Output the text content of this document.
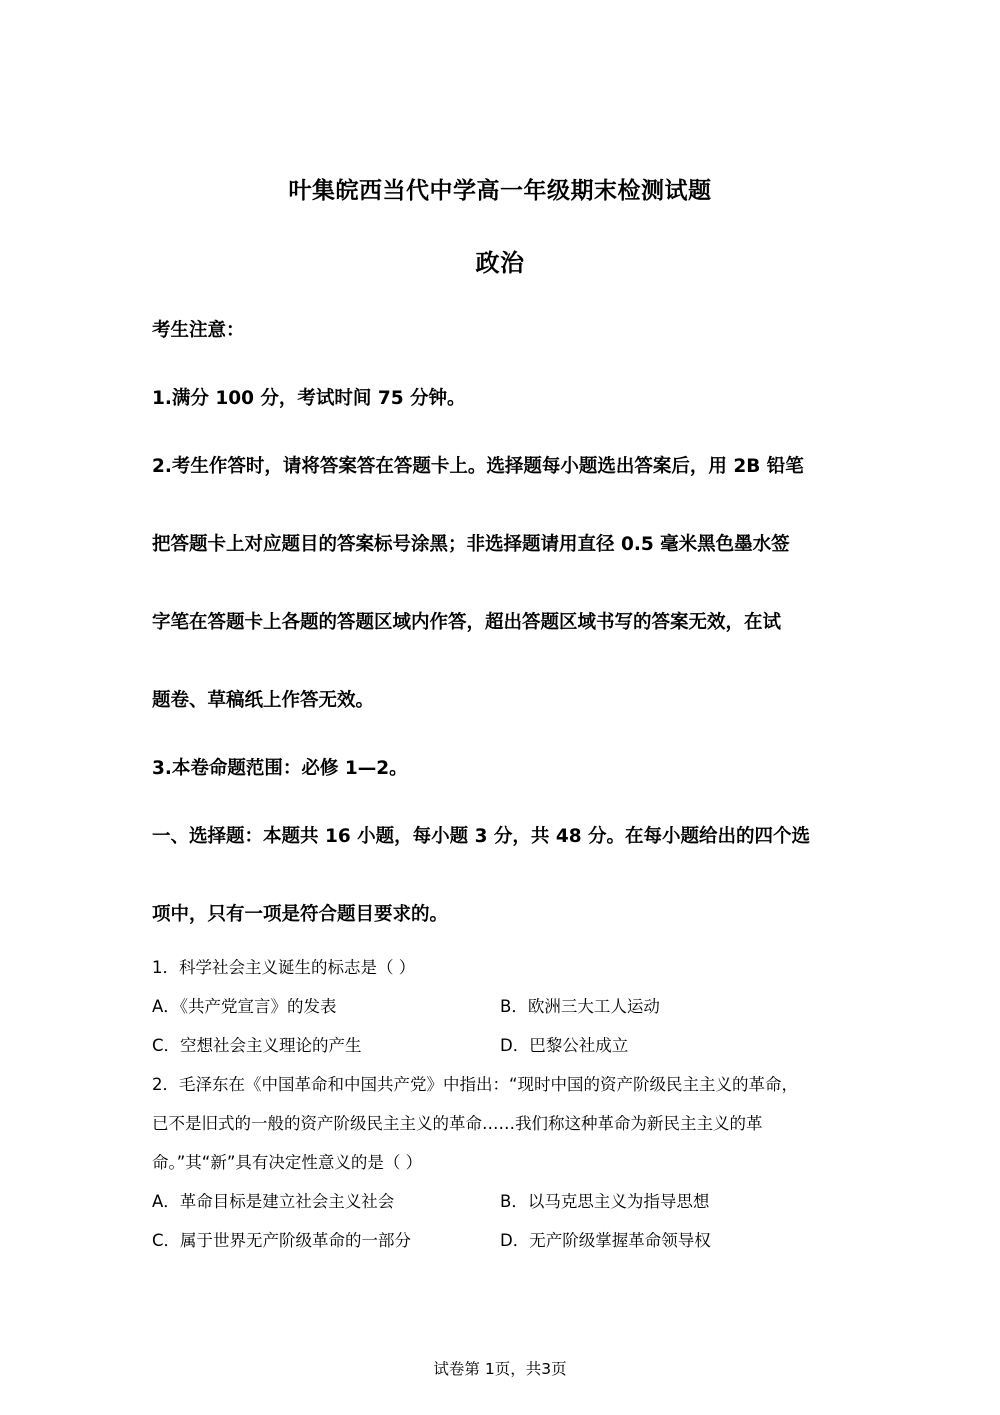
叶集皖西当代中学高一年级期末检测试题
政治
考生注意：
1.满分 100 分，考试时间 75 分钟。
2.考生作答时，请将答案答在答题卡上。选择题每小题选出答案后，用 2B 铅笔
把答题卡上对应题目的答案标号涂黑；非选择题请用直径 0.5 毫米黑色墨水签
字笔在答题卡上各题的答题区域内作答，超出答题区域书写的答案无效，在试
题卷、草稿纸上作答无效。
3.本卷命题范围：必修 1—2。
一、选择题：本题共 16 小题，每小题 3 分，共 48 分。在每小题给出的四个选
项中，只有一项是符合题目要求的。
1．科学社会主义诞生的标志是（ ）
A．《共产党宣言》的发表	B．欧洲三大工人运动
C．空想社会主义理论的产生	D．巴黎公社成立
2．毛泽东在《中国革命和中国共产党》中指出：“现时中国的资产阶级民主主义的革命，
已不是旧式的一般的资产阶级民主主义的革命……我们称这种革命为新民主主义的革
命。”其“新”具有决定性意义的是（ ）
A．革命目标是建立社会主义社会	B．以马克思主义为指导思想
C．属于世界无产阶级革命的一部分	D．无产阶级掌握革命领导权
试卷第 1页，共3页
